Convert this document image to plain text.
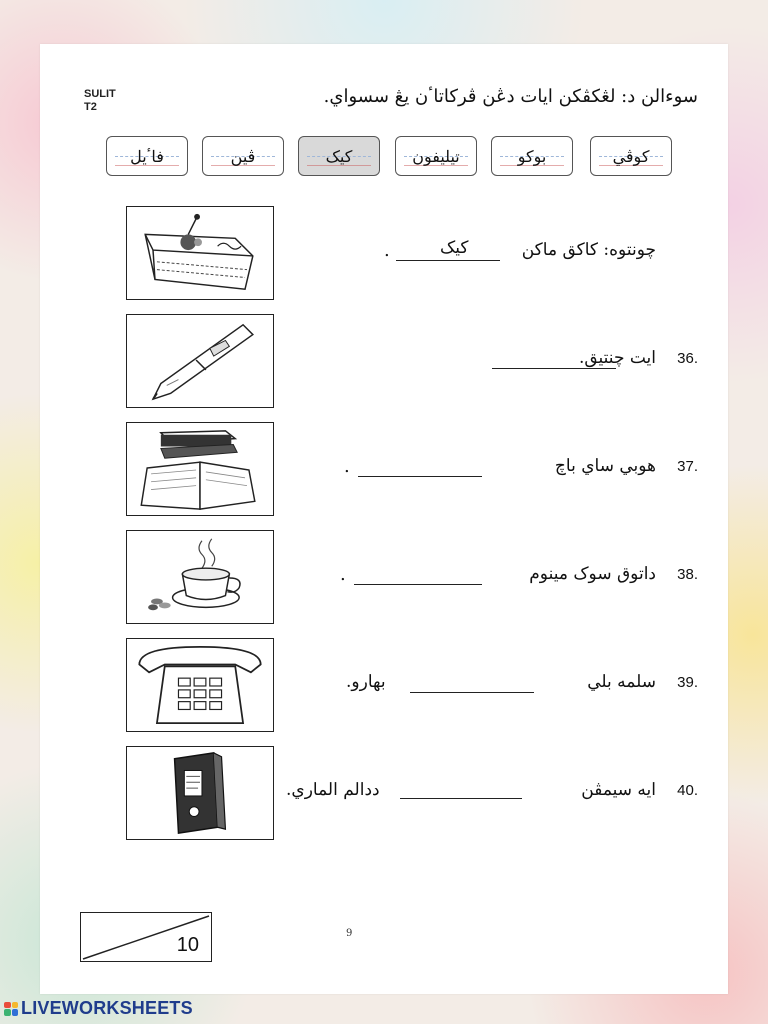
SULIT
T2	سوءالن د: لڠکڤکن ايات دڠن ڤرکاتاٴن يڠ سسواي.
کوڤي
بوکو
تيليفون
کيک
ڤين
فاٴيل
چونتوه: کاکق ماکن
کيک
.
36.
ايت چنتيق.
37.
هوبي ساي باچ
.
38.
داتوق سوک مينوم
.
39.
سلمه بلي
بهارو.
40.
ايه سيمڤن
ددالم الماري.
10
9
LIVEWORKSHEETS
